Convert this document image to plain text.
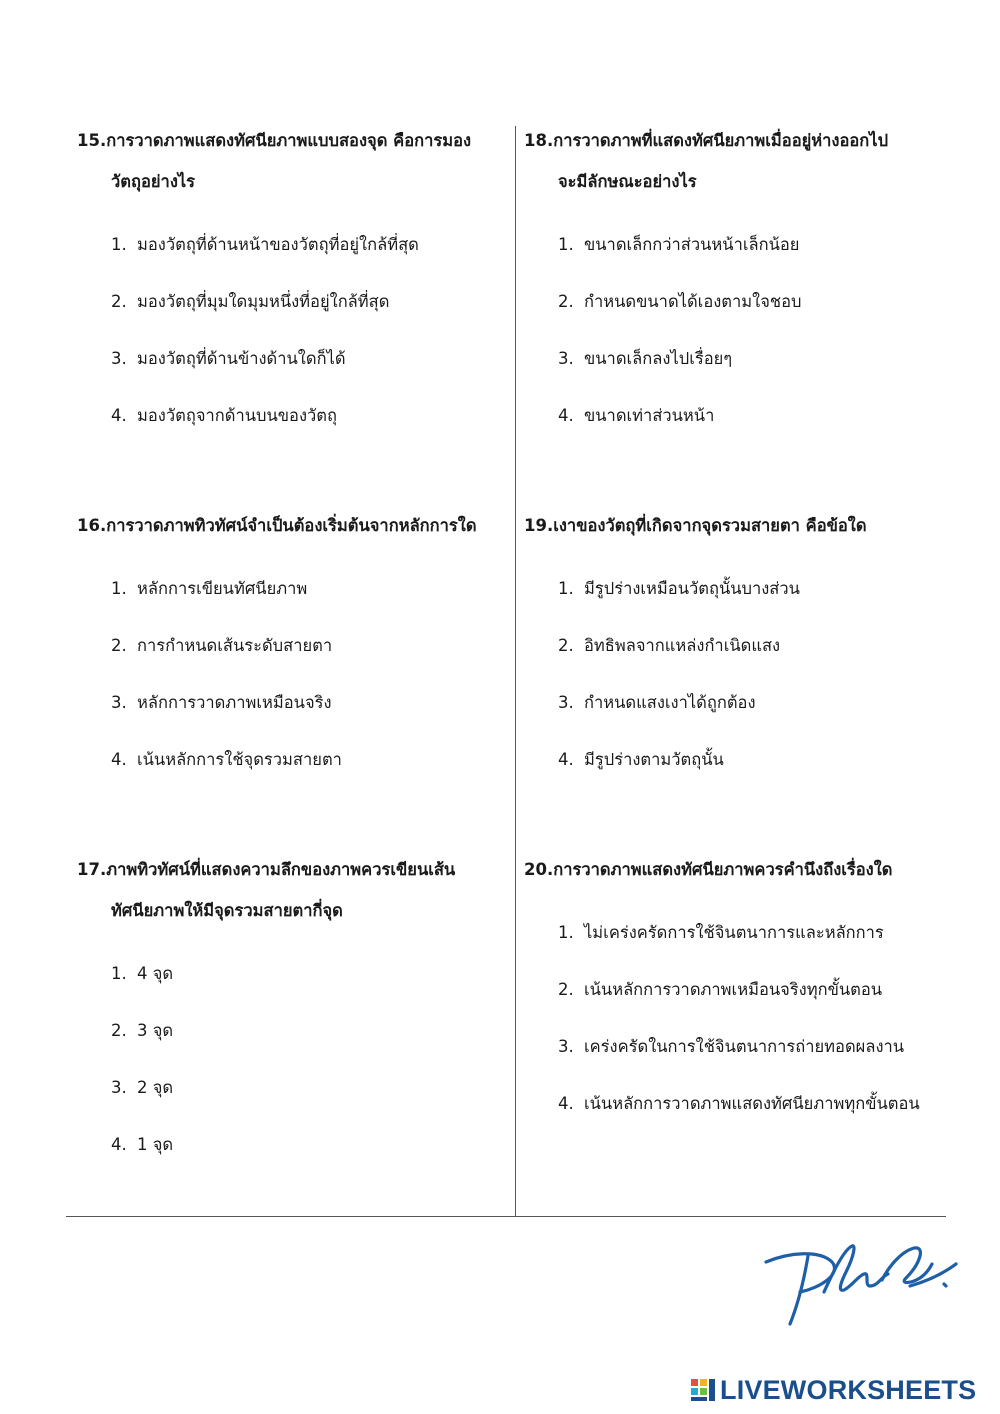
15.การวาดภาพแสดงทัศนียภาพแบบสองจุด คือการมอง
วัตถุอย่างไร

1. มองวัตถุที่ด้านหน้าของวัตถุที่อยู่ใกล้ที่สุด
2. มองวัตถุที่มุมใดมุมหนึ่งที่อยู่ใกล้ที่สุด
3. มองวัตถุที่ด้านข้างด้านใดก็ได้
4. มองวัตถุจากด้านบนของวัตถุ

16.การวาดภาพทิวทัศน์จำเป็นต้องเริ่มต้นจากหลักการใด

1. หลักการเขียนทัศนียภาพ
2. การกำหนดเส้นระดับสายตา
3. หลักการวาดภาพเหมือนจริง
4. เน้นหลักการใช้จุดรวมสายตา

17.ภาพทิวทัศน์ที่แสดงความลึกของภาพควรเขียนเส้น
ทัศนียภาพให้มีจุดรวมสายตากี่จุด

1. 4 จุด
2. 3 จุด
3. 2 จุด
4. 1 จุด

18.การวาดภาพที่แสดงทัศนียภาพเมื่ออยู่ห่างออกไป
จะมีลักษณะอย่างไร

1. ขนาดเล็กกว่าส่วนหน้าเล็กน้อย
2. กำหนดขนาดได้เองตามใจชอบ
3. ขนาดเล็กลงไปเรื่อยๆ
4. ขนาดเท่าส่วนหน้า

19.เงาของวัตถุที่เกิดจากจุดรวมสายตา คือข้อใด

1. มีรูปร่างเหมือนวัตถุนั้นบางส่วน
2. อิทธิพลจากแหล่งกำเนิดแสง
3. กำหนดแสงเงาได้ถูกต้อง
4. มีรูปร่างตามวัตถุนั้น

20.การวาดภาพแสดงทัศนียภาพควรคำนึงถึงเรื่องใด

1. ไม่เคร่งครัดการใช้จินตนาการและหลักการ
2. เน้นหลักการวาดภาพเหมือนจริงทุกขั้นตอน
3. เคร่งครัดในการใช้จินตนาการถ่ายทอดผลงาน
4. เน้นหลักการวาดภาพแสดงทัศนียภาพทุกขั้นตอน
LIVEWORKSHEETS
